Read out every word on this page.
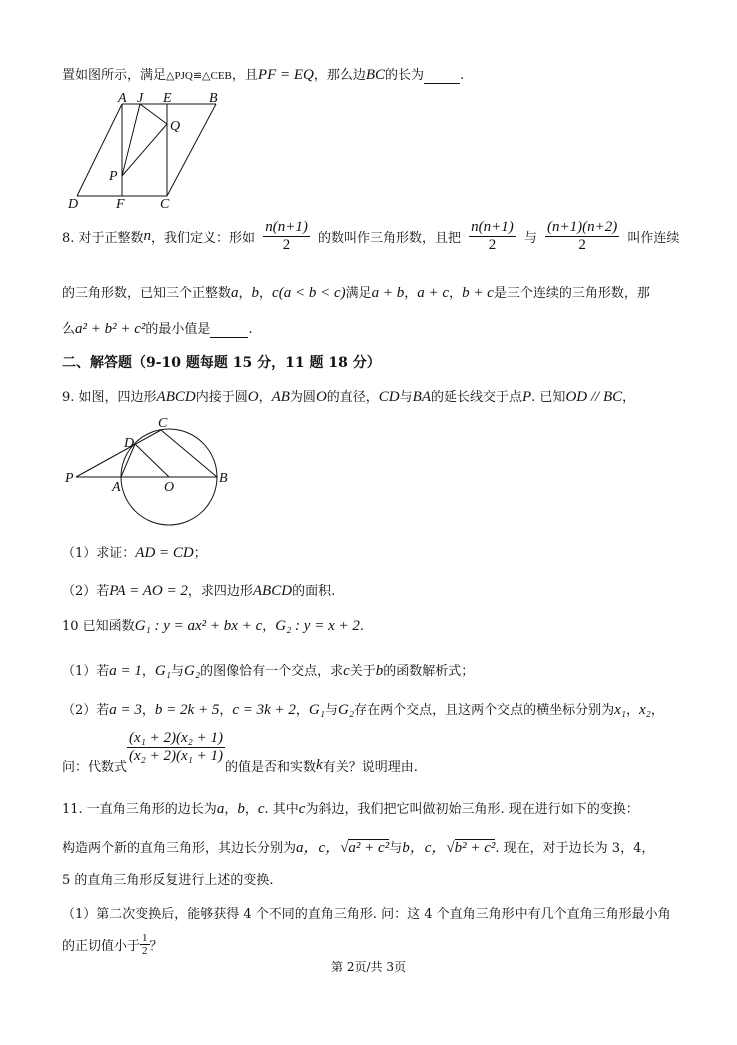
置如图所示，满足△PJQ≌△CEB，且PF = EQ，那么边BC的长为	.
A J E	B
Q
P
D	F	C
8. 对于正整数n，我们定义：形如 $\frac{n(n+1)}{2}$ 的数叫作三角形数，且把 $\frac{n(n+1)}{2}$ 与 $\frac{(n+1)(n+2)}{2}$ 叫作连续
的三角形数，已知三个正整数a，b，c(a < b < c)满足a + b，a + c，b + c是三个连续的三角形数，那
么a² + b² + c²的最小值是	.
二、解答题（9-10 题每题 15 分，11 题 18 分）
9. 如图，四边形ABCD内接于圆O，AB为圆O的直径，CD与BA的延长线交于点P. 已知OD // BC，
C
D
P
A	O
B
（1）求证：AD = CD；
（2）若PA = AO = 2，求四边形ABCD的面积.
10 已知函数G₁ : y = ax² + bx + c，G₂ : y = x + 2.
（1）若a = 1，G₁与G₂的图像恰有一个交点，求c关于b的函数解析式；
（2）若a = 3，b = 2k + 5，c = 3k + 2，G₁与G₂存在两个交点，且这两个交点的横坐标分别为x₁，x₂，
问：代数式
$\frac{\text{(x₁ + 2)(x₂ + 1)}}{\text{(x₂ + 2)(x₁ + 1)}}$
的值是否和实数k有关？说明理由.
11. 一直角三角形的边长为a，b，c. 其中c为斜边，我们把它叫做初始三角形. 现在进行如下的变换：
构造两个新的直角三角形，其边长分别为a，c，√a² + c²与b，c，√b² + c². 现在，对于边长为 3，4，
5 的直角三角形反复进行上述的变换.
（1）第二次变换后，能够获得 4 个不同的直角三角形. 问：这 4 个直角三角形中有几个直角三角形最小角
的正切值小于 $\frac{1}{2}$ ？
第 2页/共 3页
